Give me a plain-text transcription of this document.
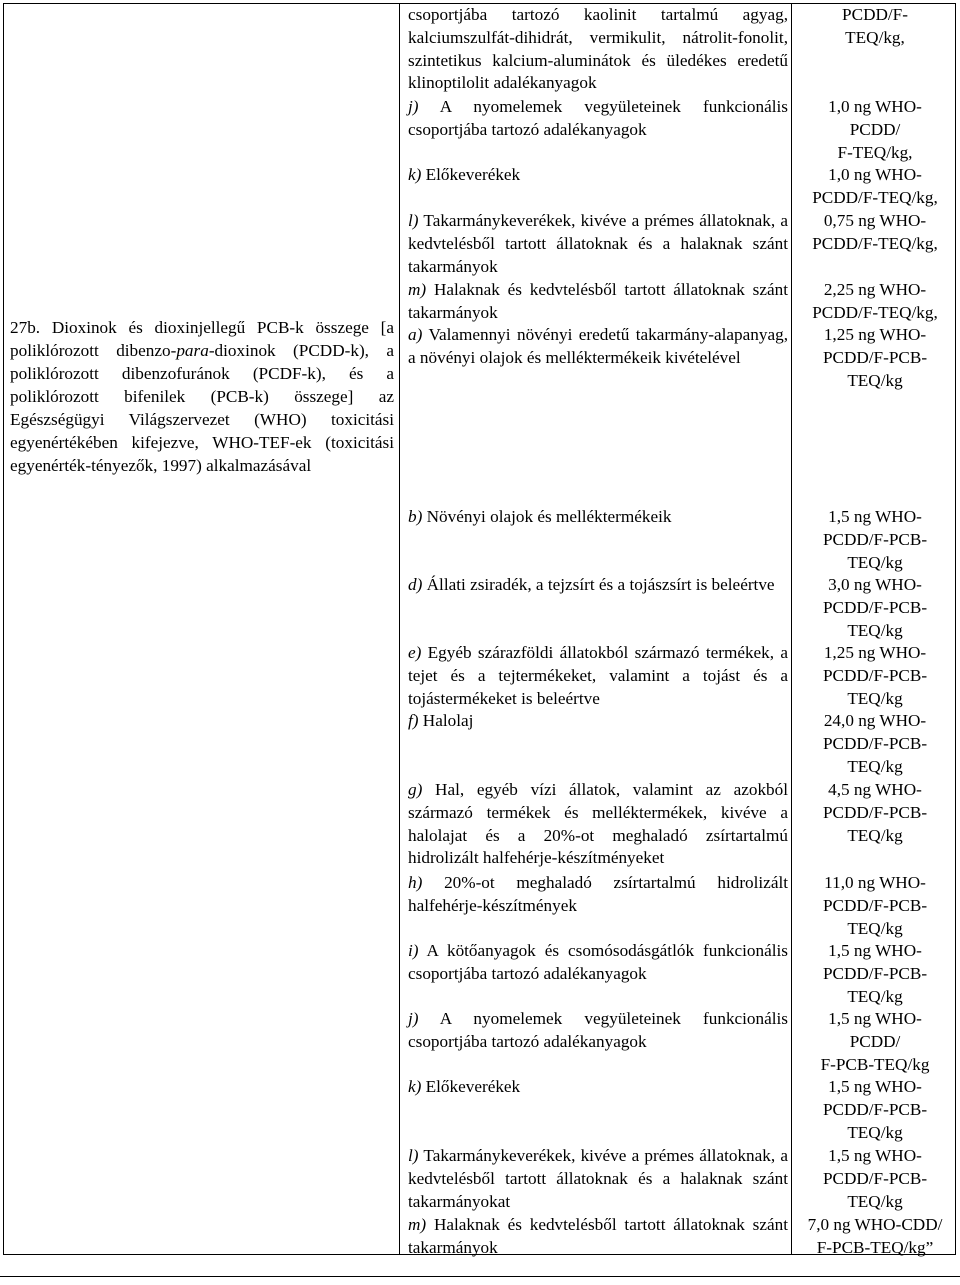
27b. Dioxinok és dioxinjellegű PCB-k összege [a poliklórozott dibenzo-para-dioxinok (PCDD-k), a poliklórozott dibenzofuránok (PCDF-k), és a poliklórozott bifenilek (PCB-k) összege] az Egészségügyi Világszervezet (WHO) toxicitási egyenértékében kifejezve, WHO-TEF-ek (toxicitási egyenérték-tényezők, 1997) alkalmazásával
csoportjába tartozó kaolinit tartalmú agyag, kalciumszulfát-dihidrát, vermikulit, nátrolit-fonolit, szintetikus kalcium-aluminátok és üledékes eredetű klinoptilolit adalékanyagok
j) A nyomelemek vegyületeinek funkcionális csoportjába tartozó adalékanyagok
k) Előkeverékek
l) Takarmánykeverékek, kivéve a prémes állatoknak, a kedvtelésből tartott állatoknak és a halaknak szánt takarmányok
m) Halaknak és kedvtelésből tartott állatoknak szánt takarmányok
a) Valamennyi növényi eredetű takarmány-alapanyag, a növényi olajok és melléktermékeik kivételével
b) Növényi olajok és melléktermékeik
d) Állati zsiradék, a tejzsírt és a tojászsírt is beleértve
e) Egyéb szárazföldi állatokból származó termékek, a tejet és a tejtermékeket, valamint a tojást és a tojástermékeket is beleértve
f) Halolaj
g) Hal, egyéb vízi állatok, valamint az azokból származó termékek és melléktermékek, kivéve a halolajat és a 20%-ot meghaladó zsírtartalmú hidrolizált halfehérje-készítményeket
h) 20%-ot meghaladó zsírtartalmú hidrolizált halfehérje-készítmények
i) A kötőanyagok és csomósodásgátlók funkcionális csoportjába tartozó adalékanyagok
j) A nyomelemek vegyületeinek funkcionális csoportjába tartozó adalékanyagok
k) Előkeverékek
l) Takarmánykeverékek, kivéve a prémes állatoknak, a kedvtelésből tartott állatoknak és a halaknak szánt takarmányokat
m) Halaknak és kedvtelésből tartott állatoknak szánt takarmányok
PCDD/F-
TEQ/kg,
1,0 ng WHO-
PCDD/
F-TEQ/kg,
1,0 ng WHO-
PCDD/F-TEQ/kg,
0,75 ng WHO-
PCDD/F-TEQ/kg,
2,25 ng WHO-
PCDD/F-TEQ/kg,
1,25 ng WHO-
PCDD/F-PCB-
TEQ/kg
1,5 ng WHO-
PCDD/F-PCB-
TEQ/kg
3,0 ng WHO-
PCDD/F-PCB-
TEQ/kg
1,25 ng WHO-
PCDD/F-PCB-
TEQ/kg
24,0 ng WHO-
PCDD/F-PCB-
TEQ/kg
4,5 ng WHO-
PCDD/F-PCB-
TEQ/kg
11,0 ng WHO-
PCDD/F-PCB-
TEQ/kg
1,5 ng WHO-
PCDD/F-PCB-
TEQ/kg
1,5 ng WHO-
PCDD/
F-PCB-TEQ/kg
1,5 ng WHO-
PCDD/F-PCB-
TEQ/kg
1,5 ng WHO-
PCDD/F-PCB-
TEQ/kg
7,0 ng WHO-CDD/
F-PCB-TEQ/kg”
